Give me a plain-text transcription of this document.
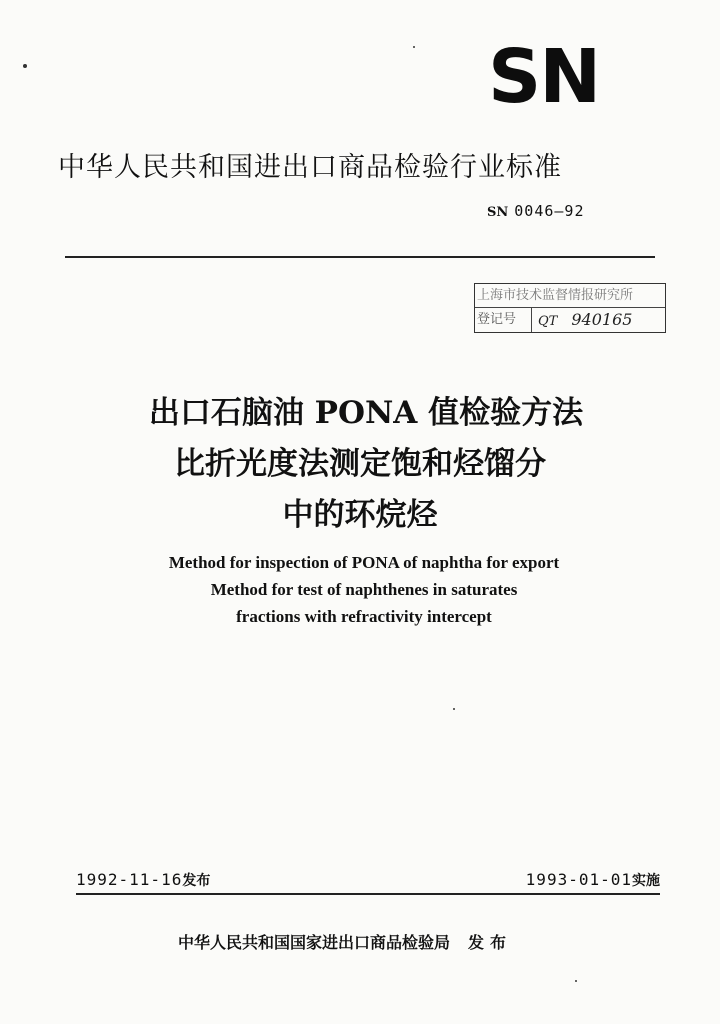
SN
中华人民共和国进出口商品检验行业标准
SN 0046—92
上海市技术监督情报研究所
登记号	QT 940165
出口石脑油 PONA 值检验方法
比折光度法测定饱和烃馏分
中的环烷烃
Method for inspection of PONA of naphtha for export
Method for test of naphthenes in saturates
fractions with refractivity intercept
1992-11-16发布	1993-01-01实施
中华人民共和国国家进出口商品检验局 发布
